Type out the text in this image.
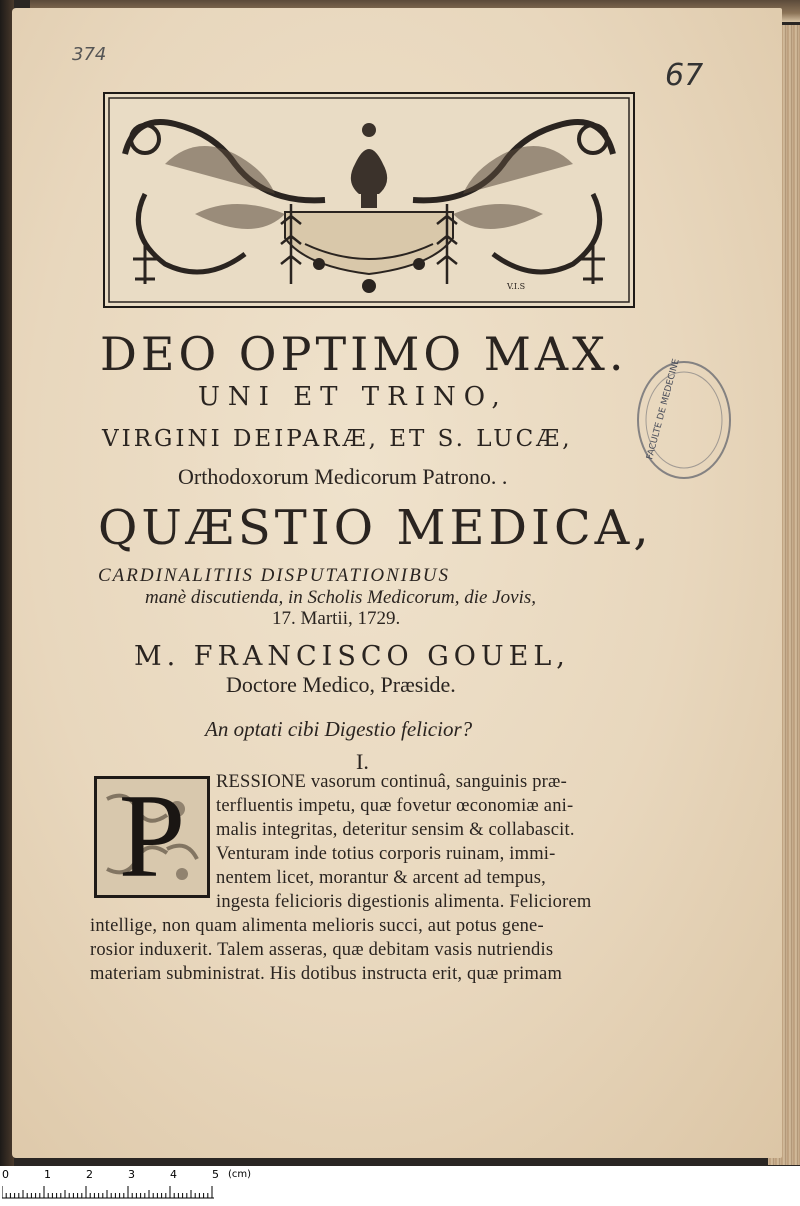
374
67
V.I.S
FACULTE DE MEDECINE
DEO OPTIMO MAX.
UNI ET TRINO,
VIRGINI DEIPARÆ, ET S. LUCÆ,
Orthodoxorum Medicorum Patrono. .
QUÆSTIO MEDICA,
CARDINALITIIS DISPUTATIONIBUS
manè discutienda, in Scholis Medicorum, die Jovis,
17. Martii, 1729.
M. FRANCISCO GOUEL,
Doctore Medico, Præside.
An optati cibi Digestio felicior?
I.
P	RESSIONE vasorum continuâ, sanguinis præ-
terfluentis impetu, quæ fovetur œconomiæ ani-
malis integritas, deteritur sensim & collabascit.
Venturam inde totius corporis ruinam, immi-
nentem licet, morantur & arcent ad tempus,
ingesta felicioris digestionis alimenta. Feliciorem
intellige, non quam alimenta melioris succi, aut potus gene-
rosior induxerit. Talem asseras, quæ debitam vasis nutriendis
materiam subministrat. His dotibus instructa erit, quæ primam
0	1	2	3	4	5 (cm)
